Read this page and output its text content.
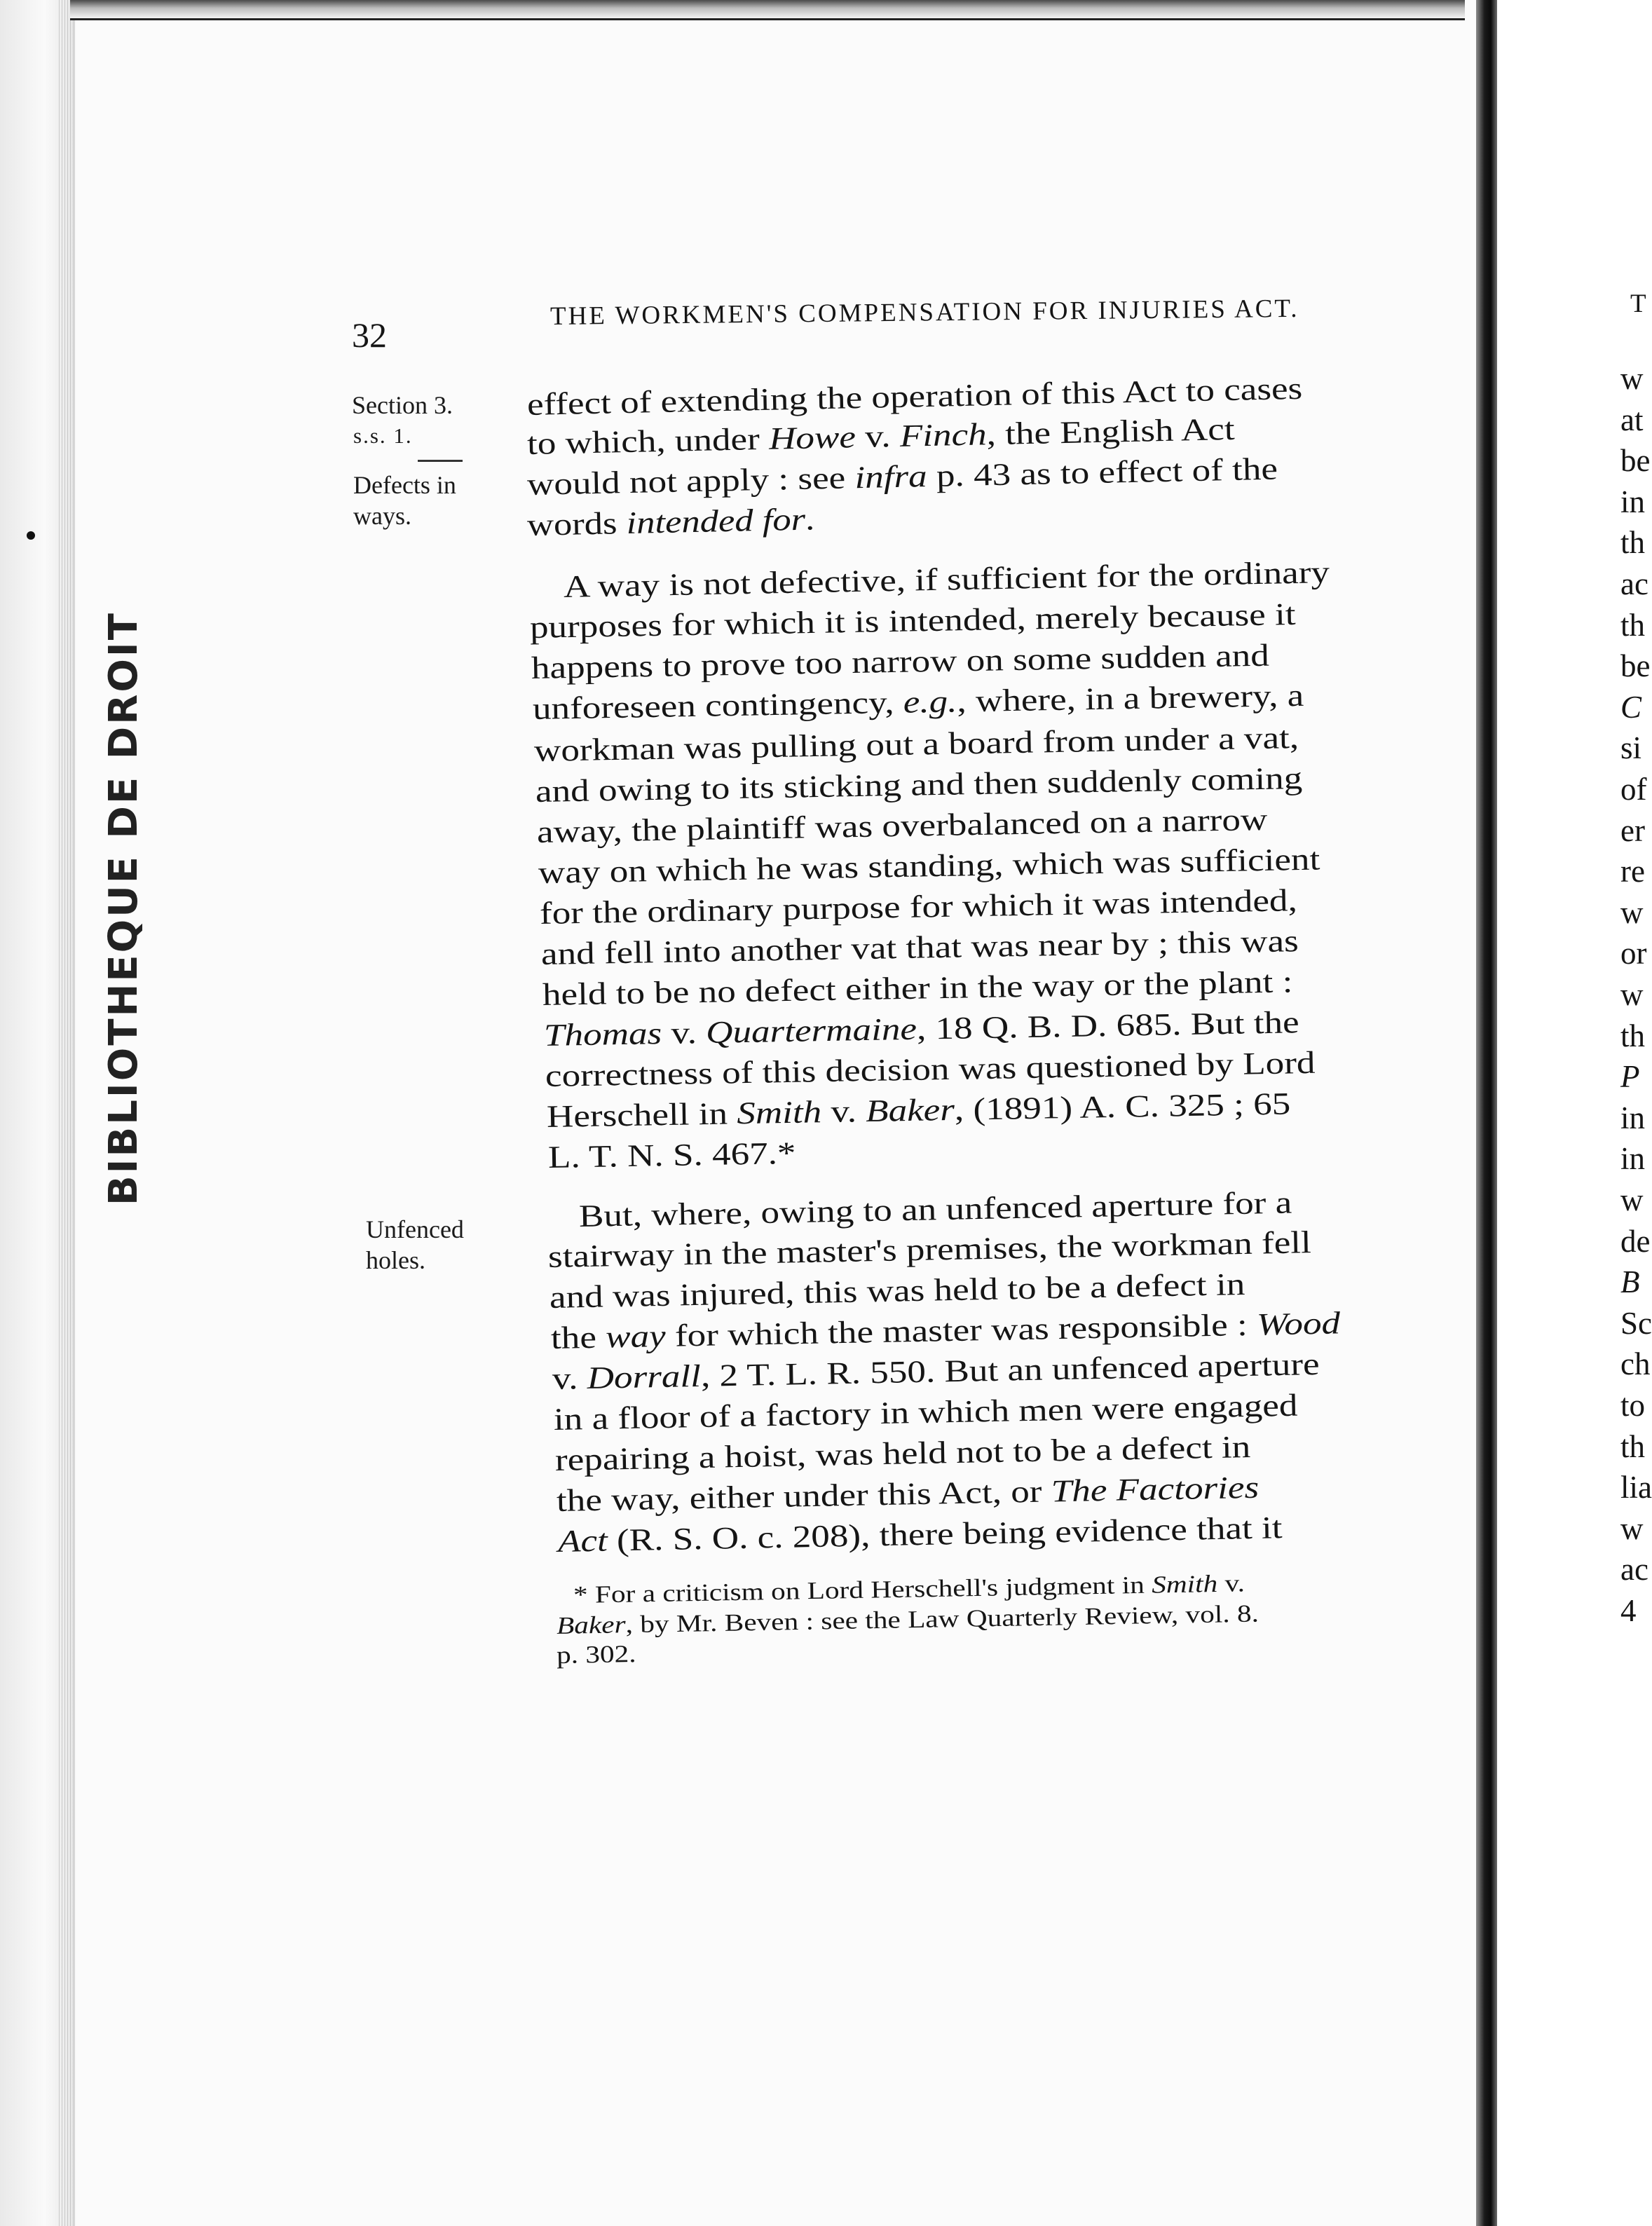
32
THE WORKMEN'S COMPENSATION FOR INJURIES ACT.
Section 3.
s.s. 1.
Defects in
ways.
Unfenced
holes.
effect of extending the operation of this Act to cases
to which, under Howe v. Finch, the English Act
would not apply : see infra p. 43 as to effect of the
words intended for.
A way is not defective, if sufficient for the ordinary
purposes for which it is intended, merely because it
happens to prove too narrow on some sudden and
unforeseen contingency, e.g., where, in a brewery, a
workman was pulling out a board from under a vat,
and owing to its sticking and then suddenly coming
away, the plaintiff was overbalanced on a narrow
way on which he was standing, which was sufficient
for the ordinary purpose for which it was intended,
and fell into another vat that was near by ; this was
held to be no defect either in the way or the plant :
Thomas v. Quartermaine, 18 Q. B. D. 685. But the
correctness of this decision was questioned by Lord
Herschell in Smith v. Baker, (1891) A. C. 325 ; 65
L. T. N. S. 467.*
But, where, owing to an unfenced aperture for a
stairway in the master's premises, the workman fell
and was injured, this was held to be a defect in
the way for which the master was responsible : Wood
v. Dorrall, 2 T. L. R. 550. But an unfenced aperture
in a floor of a factory in which men were engaged
repairing a hoist, was held not to be a defect in
the way, either under this Act, or The Factories
Act (R. S. O. c. 208), there being evidence that it
* For a criticism on Lord Herschell's judgment in Smith v.
Baker, by Mr. Beven : see the Law Quarterly Review, vol. 8.
p. 302.
T
w
at
be
in
th
ac
th
be
C
si
of
er
re
w
or
w
th
P
in
in
w
de
B
Sc
ch
to
th
lia
w
ac
4
